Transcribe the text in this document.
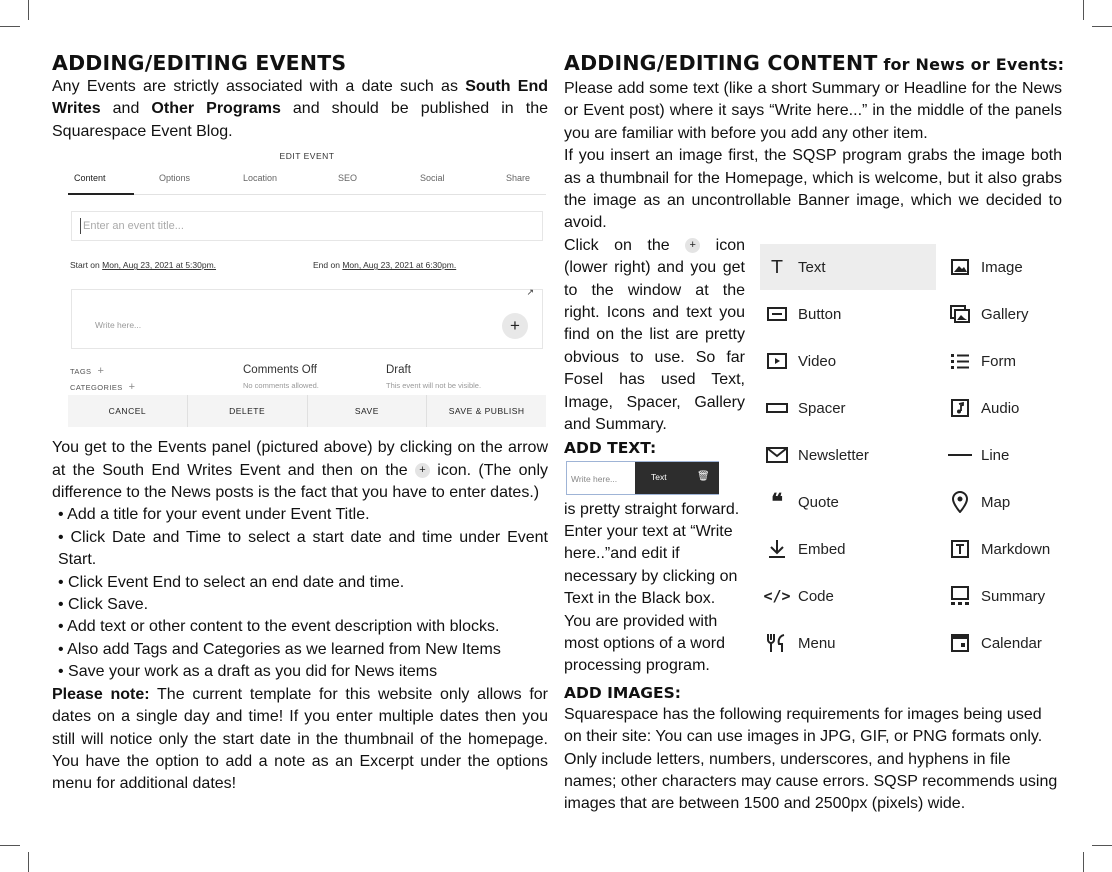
ADDING/EDITING EVENTS

Any Events are strictly associated with a date such as South End Writes and Other Programs and should be published in the Squarespace Event Blog.

EDIT EVENT
Content	Options	Location	SEO	Social	Share
Enter an event title...
Start on Mon, Aug 23, 2021 at 5:30pm.	End on Mon, Aug 23, 2021 at 6:30pm.
Write here...
↗
+
TAGS +
CATEGORIES +
Comments Off
No comments allowed.
Draft
This event will not be visible.
CANCEL	DELETE	SAVE	SAVE & PUBLISH

You get to the Events panel (pictured above) by clicking on the arrow at the South End Writes Event and then on the + icon. (The only difference to the News posts is the fact that you have to enter dates.)

• Add a title for your event under Event Title.
• Click Date and Time to select a start date and time under Event Start.
• Click Event End to select an end date and time.
• Click Save.
• Add text or other content to the event description with blocks.
• Also add Tags and Categories as we learned from New Items
• Save your work as a draft as you did for News items

Please note: The current template for this website only allows for dates on a single day and time! If you enter multiple dates then you still will notice only the start date in the thumbnail of the homepage. You have the option to add a note as an Excerpt under the options menu for additional dates!

ADDING/EDITING CONTENT for News or Events:

Please add some text (like a short Summary or Headline for the News or Event post) where it says “Write here...” in the middle of the panels you are familiar with before you add any other item.

If you insert an image first, the SQSP program grabs the image both as a thumbnail for the Homepage, which is welcome, but it also grabs the image as an uncontrollable Banner image, which we decided to avoid.

Click on the + icon (lower right) and you get to the window at the right. Icons and text you find on the list are pretty obvious to use. So far Fosel has used Text, Image, Spacer, Gallery and Summary.

ADD TEXT:
Write here...	Text	🗑

is pretty straight forward. Enter your text at “Write here..”and edit if necessary by clicking on Text in the Black box. You are provided with most options of a word processing program.

ADD IMAGES:

Squarespace has the following requirements for images being used on their site: You can use images in JPG, GIF, or PNG formats only. Only include letters, numbers, underscores, and hyphens in file names; other characters may cause errors. SQSP recommends using images that are between 1500 and 2500px (pixels) wide.

T	Text	Image
Button	Gallery
Video	Form
Spacer	Audio
Newsletter	Line
❝	Quote	Map
Embed	Markdown
</> Code	Summary
Menu	Calendar
